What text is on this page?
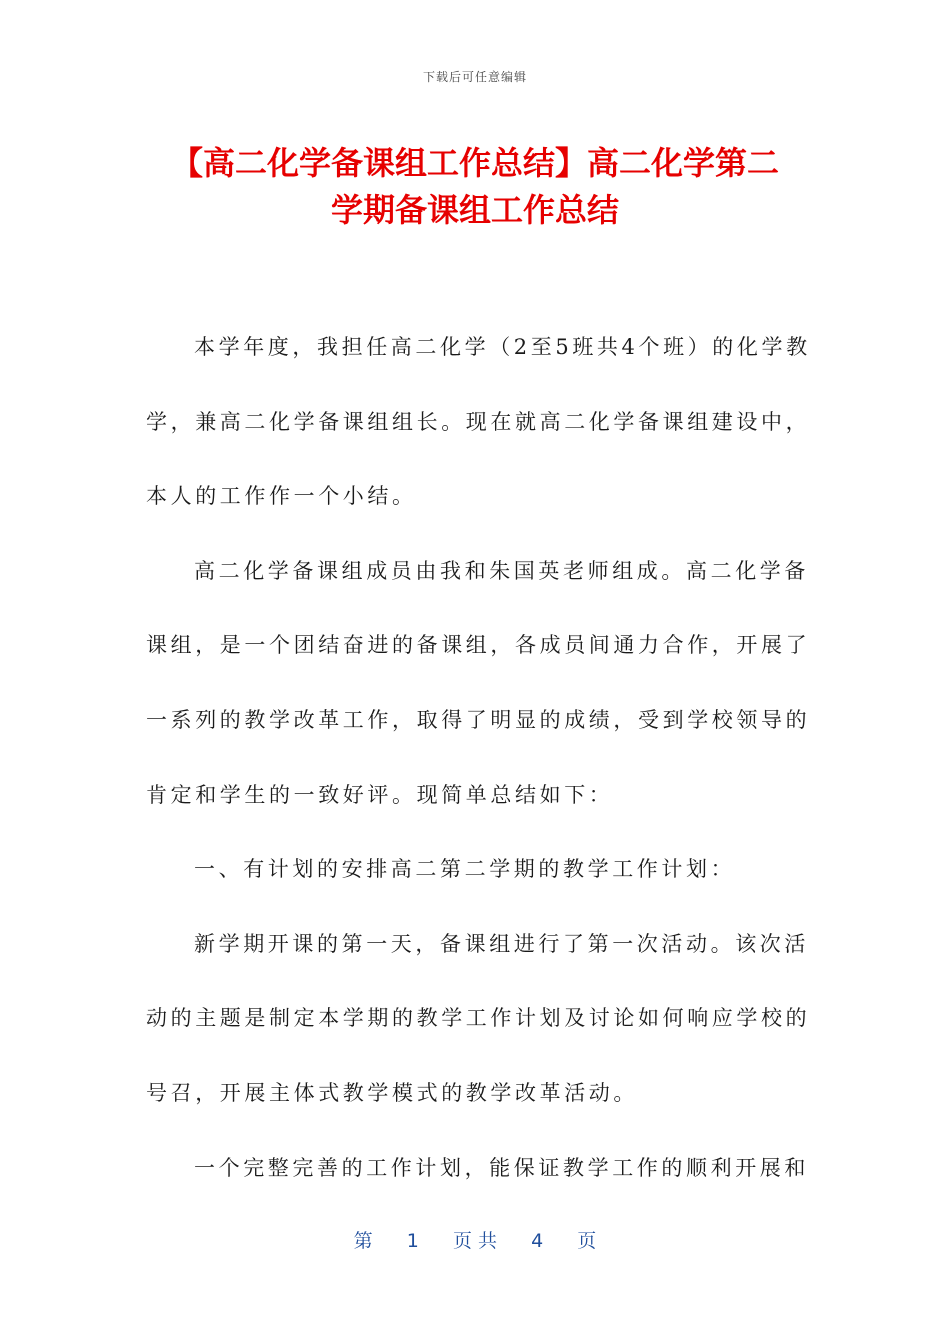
下载后可任意编辑
【高二化学备课组工作总结】高二化学第二
学期备课组工作总结
本学年度，我担任高二化学（2至5班共4个班）的化学教
学，兼高二化学备课组组长。现在就高二化学备课组建设中，
本人的工作作一个小结。
高二化学备课组成员由我和朱国英老师组成。高二化学备
课组，是一个团结奋进的备课组，各成员间通力合作，开展了
一系列的教学改革工作，取得了明显的成绩，受到学校领导的
肯定和学生的一致好评。现简单总结如下：
一、有计划的安排高二第二学期的教学工作计划：
新学期开课的第一天，备课组进行了第一次活动。该次活
动的主题是制定本学期的教学工作计划及讨论如何响应学校的
号召，开展主体式教学模式的教学改革活动。
一个完整完善的工作计划，能保证教学工作的顺利开展和
第 1 页 共 4 页
